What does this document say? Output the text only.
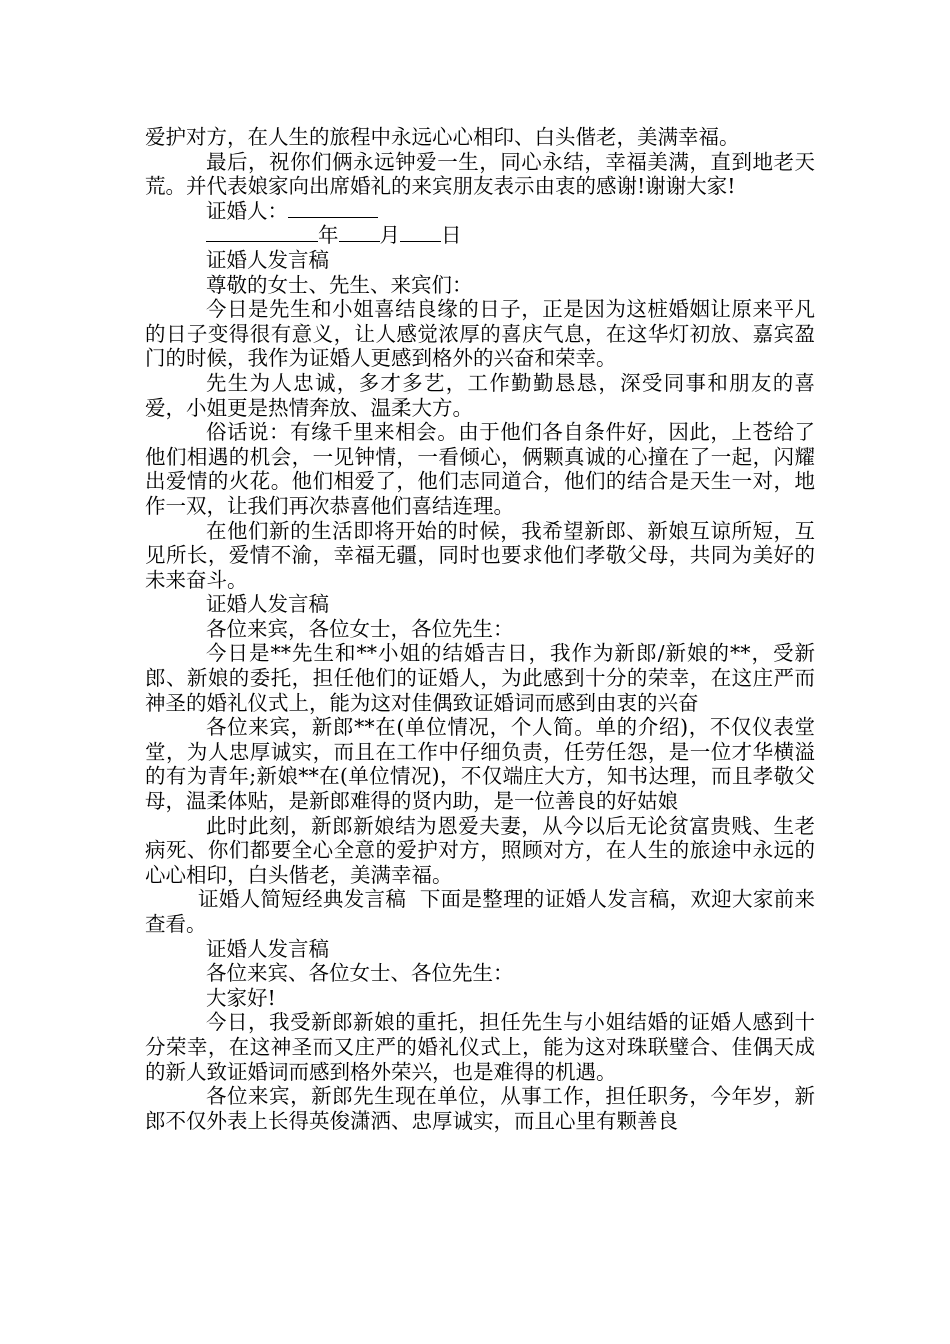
爱护对方，在人生的旅程中永远心心相印、白头偕老，美满幸福。

最后，祝你们俩永远钟爱一生，同心永结，幸福美满，直到地老天荒。并代表娘家向出席婚礼的来宾朋友表示由衷的感谢!谢谢大家!

证婚人：

年 月 日

证婚人发言稿

尊敬的女士、先生、来宾们：

今日是先生和小姐喜结良缘的日子，正是因为这桩婚姻让原来平凡的日子变得很有意义，让人感觉浓厚的喜庆气息，在这华灯初放、嘉宾盈门的时候，我作为证婚人更感到格外的兴奋和荣幸。

先生为人忠诚，多才多艺，工作勤勤恳恳，深受同事和朋友的喜爱，小姐更是热情奔放、温柔大方。

俗话说：有缘千里来相会。由于他们各自条件好，因此，上苍给了他们相遇的机会，一见钟情，一看倾心，俩颗真诚的心撞在了一起，闪耀出爱情的火花。他们相爱了，他们志同道合，他们的结合是天生一对，地作一双，让我们再次恭喜他们喜结连理。

在他们新的生活即将开始的时候，我希望新郎、新娘互谅所短，互见所长，爱情不渝，幸福无疆，同时也要求他们孝敬父母，共同为美好的未来奋斗。

证婚人发言稿

各位来宾，各位女士，各位先生：

今日是**先生和**小姐的结婚吉日，我作为新郎/新娘的**，受新郎、新娘的委托，担任他们的证婚人，为此感到十分的荣幸，在这庄严而神圣的婚礼仪式上，能为这对佳偶致证婚词而感到由衷的兴奋

各位来宾，新郎**在(单位情况，个人简。单的介绍)，不仅仪表堂堂，为人忠厚诚实，而且在工作中仔细负责，任劳任怨，是一位才华横溢的有为青年;新娘**在(单位情况)，不仅端庄大方，知书达理，而且孝敬父母，温柔体贴，是新郎难得的贤内助，是一位善良的好姑娘

此时此刻，新郎新娘结为恩爱夫妻，从今以后无论贫富贵贱、生老病死、你们都要全心全意的爱护对方，照顾对方，在人生的旅途中永远的心心相印，白头偕老，美满幸福。

证婚人简短经典发言稿  下面是整理的证婚人发言稿，欢迎大家前来查看。

证婚人发言稿

各位来宾、各位女士、各位先生：

大家好!

今日，我受新郎新娘的重托，担任先生与小姐结婚的证婚人感到十分荣幸，在这神圣而又庄严的婚礼仪式上，能为这对珠联璧合、佳偶天成的新人致证婚词而感到格外荣兴，也是难得的机遇。

各位来宾，新郎先生现在单位，从事工作，担任职务，今年岁，新郎不仅外表上长得英俊潇洒、忠厚诚实，而且心里有颗善良
